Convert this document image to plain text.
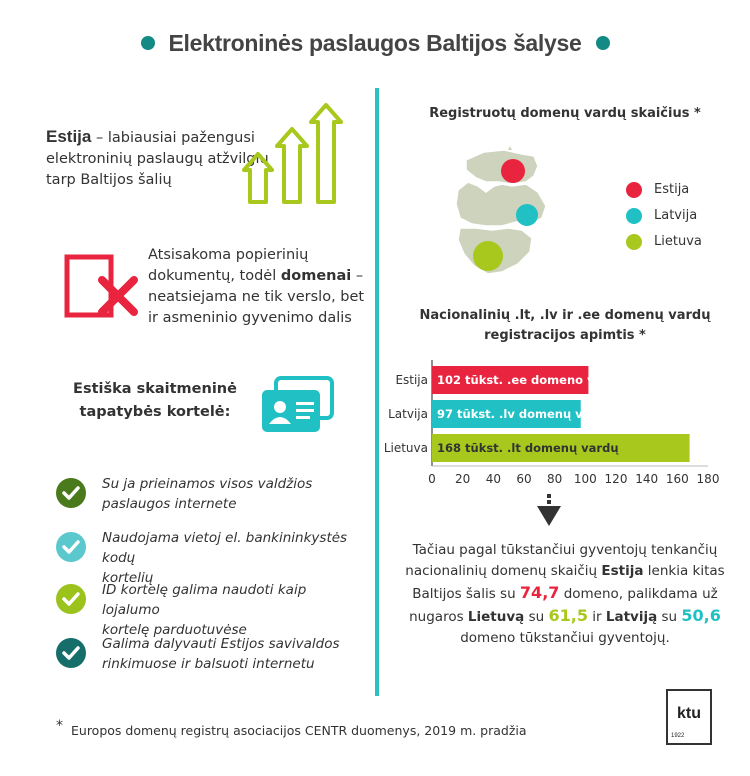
Elektroninės paslaugos Baltijos šalyse
Estija – labiausiai pažengusi
elektroninių paslaugų atžvilgiu
tarp Baltijos šalių
Atsisakoma popierinių
dokumentų, todėl domenai –
neatsiejama ne tik verslo, bet
ir asmeninio gyvenimo dalis
Estiška skaitmeninė
tapatybės kortelė:
Su ja prieinamos visos valdžios
paslaugos internete
Naudojama vietoj el. bankininkystės kodų
kortelių
ID kortelę galima naudoti kaip lojalumo
kortelę parduotuvėse
Galima dalyvauti Estijos savivaldos
rinkimuose ir balsuoti internetu
Registruotų domenų vardų skaičius *
Estija
Latvija
Lietuva
Nacionalinių .lt, .lv ir .ee domenų vardų
registracijos apimtis *
Estija 102 tūkst. .ee domeno vardų
Latvija 97 tūkst. .lv domenų vardų
Lietuva 168 tūkst. .lt domenų vardų
0 20 40 60 80 100 120 140 160 180
Tačiau pagal tūkstančiui gyventojų tenkančių
nacionalinių domenų skaičių Estija lenkia kitas
Baltijos šalis su 74,7 domeno, palikdama už
nugaros Lietuvą su 61,5 ir Latviją su 50,6
domeno tūkstančiui gyventojų.
* Europos domenų registrų asociacijos CENTR duomenys, 2019 m. pradžia
ktu
1922
